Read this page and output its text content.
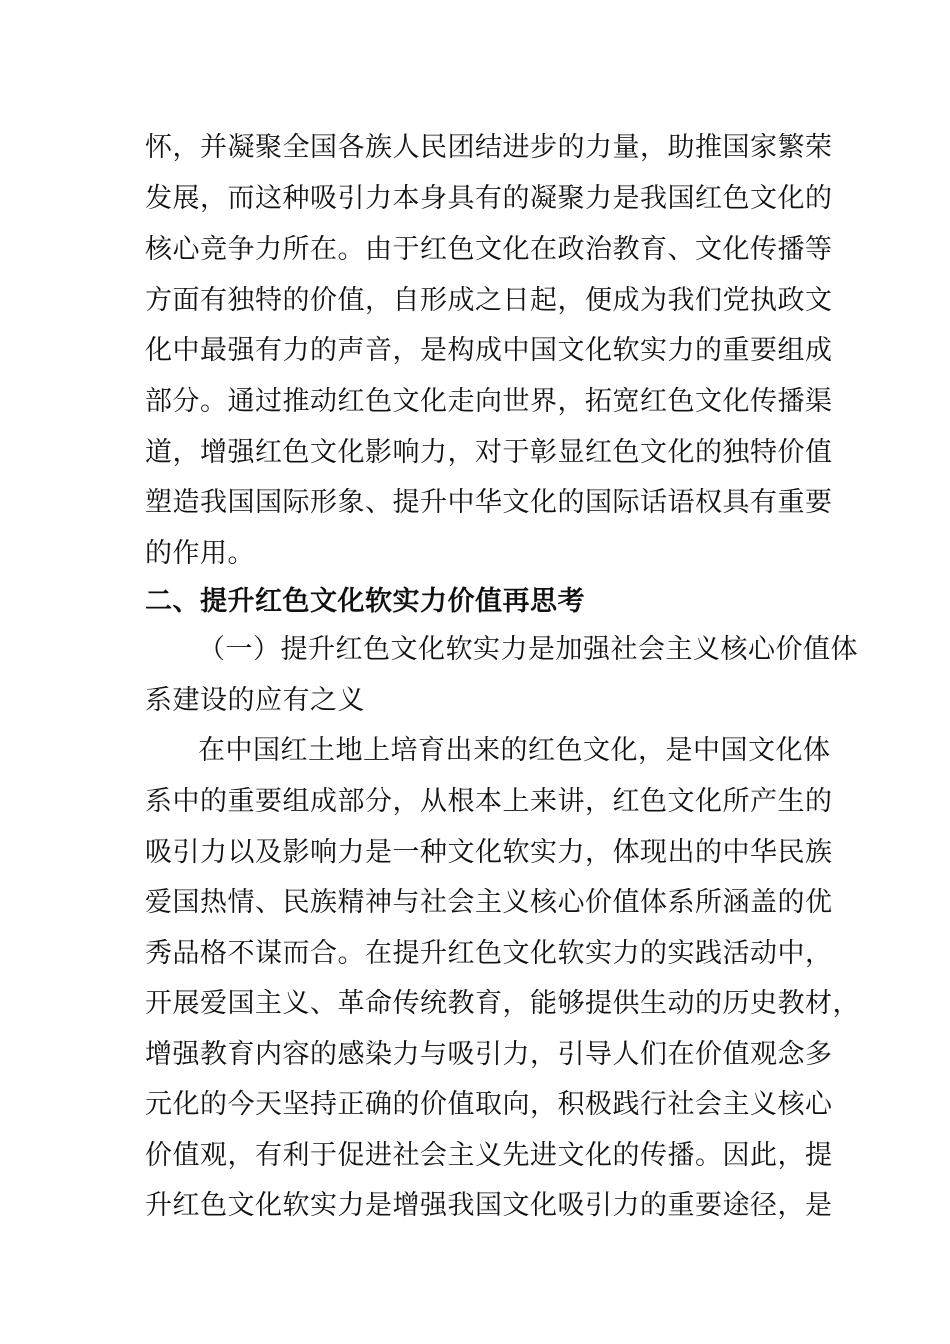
怀，并凝聚全国各族人民团结进步的力量，助推国家繁荣
发展，而这种吸引力本身具有的凝聚力是我国红色文化的
核心竞争力所在。由于红色文化在政治教育、文化传播等
方面有独特的价值，自形成之日起，便成为我们党执政文
化中最强有力的声音，是构成中国文化软实力的重要组成
部分。通过推动红色文化走向世界，拓宽红色文化传播渠
道，增强红色文化影响力，对于彰显红色文化的独特价值
塑造我国国际形象、提升中华文化的国际话语权具有重要
的作用。
二、提升红色文化软实力价值再思考
（一）提升红色文化软实力是加强社会主义核心价值体
系建设的应有之义
在中国红土地上培育出来的红色文化，是中国文化体
系中的重要组成部分，从根本上来讲，红色文化所产生的
吸引力以及影响力是一种文化软实力，体现出的中华民族
爱国热情、民族精神与社会主义核心价值体系所涵盖的优
秀品格不谋而合。在提升红色文化软实力的实践活动中，
开展爱国主义、革命传统教育，能够提供生动的历史教材，
增强教育内容的感染力与吸引力，引导人们在价值观念多
元化的今天坚持正确的价值取向，积极践行社会主义核心
价值观，有利于促进社会主义先进文化的传播。因此，提
升红色文化软实力是增强我国文化吸引力的重要途径，是
